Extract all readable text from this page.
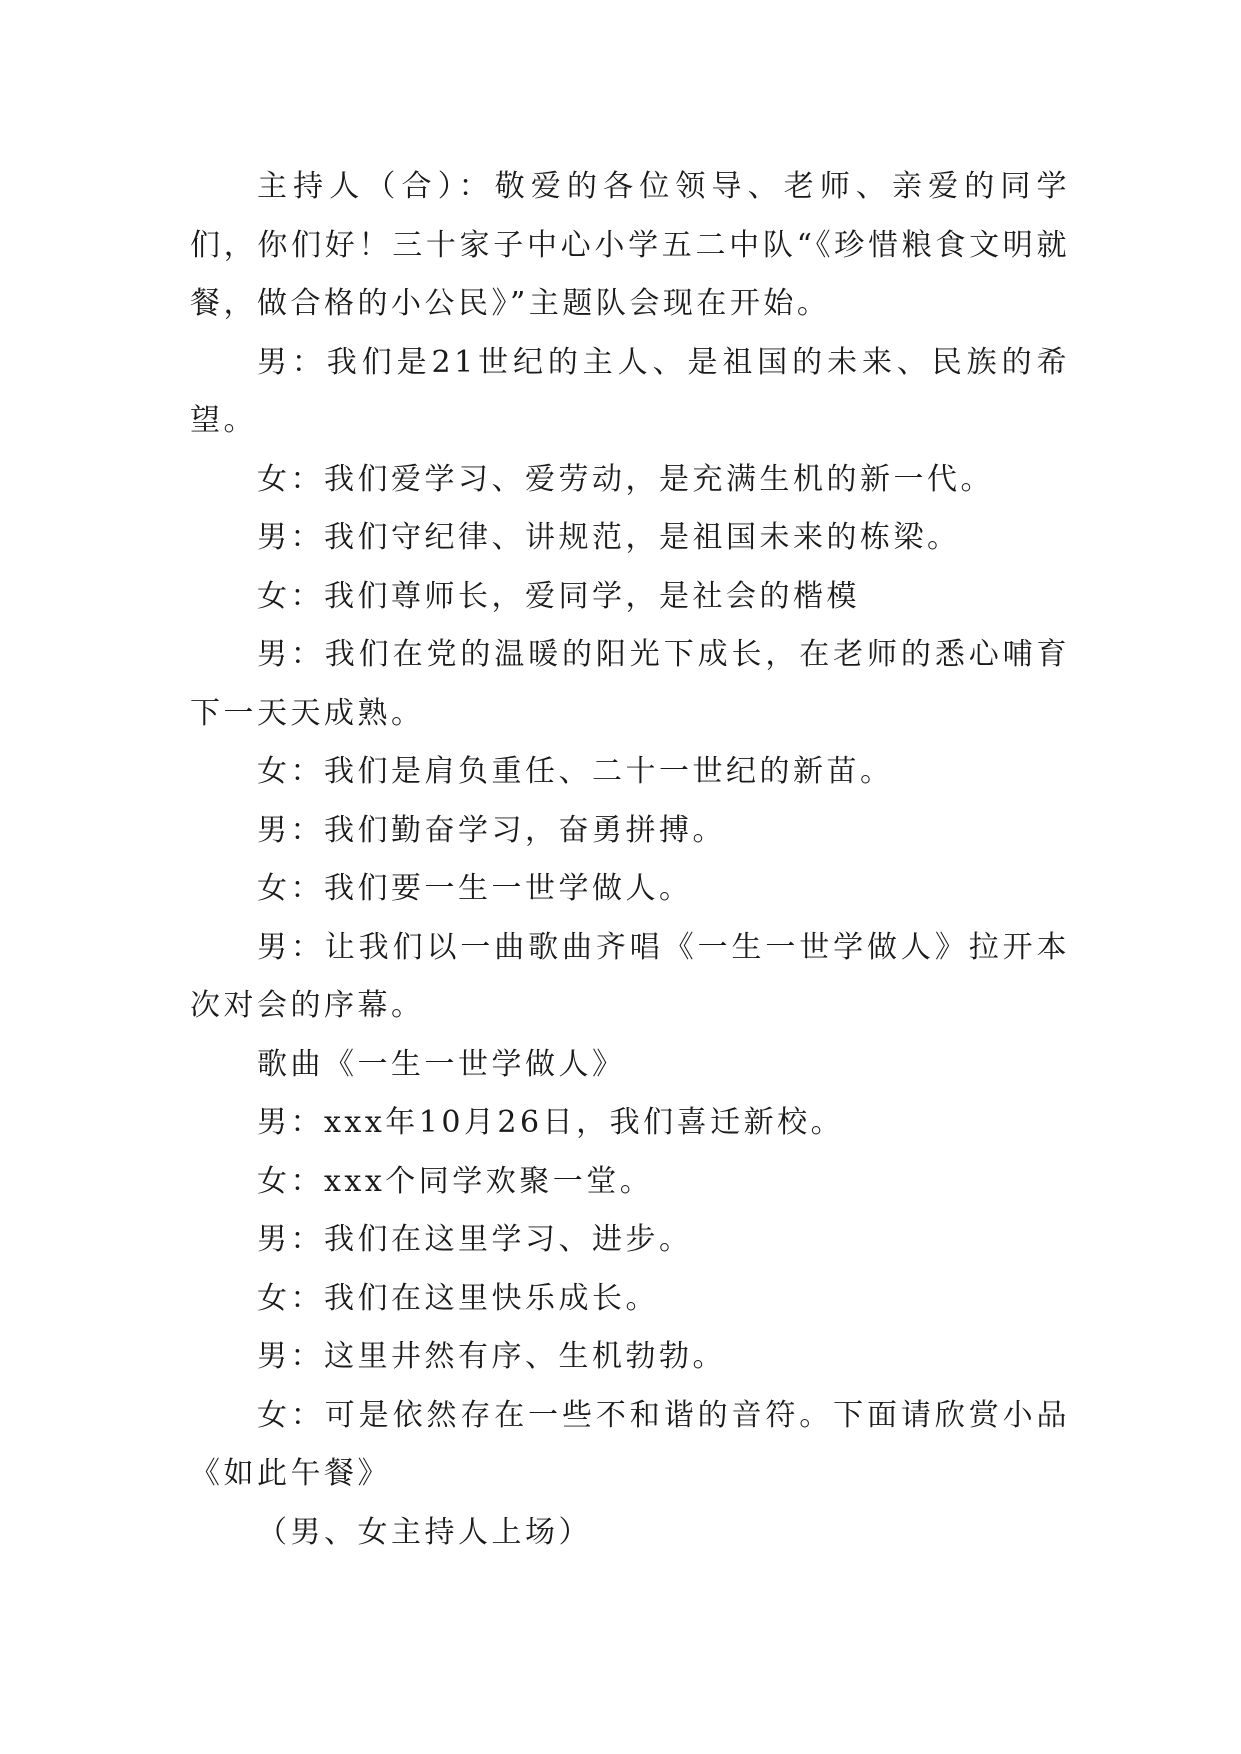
主持人（合）：敬爱的各位领导、老师、亲爱的同学们，你们好！三十家子中心小学五二中队“《珍惜粮食文明就餐，做合格的小公民》”主题队会现在开始。

男：我们是21世纪的主人、是祖国的未来、民族的希望。

女：我们爱学习、爱劳动，是充满生机的新一代。

男：我们守纪律、讲规范，是祖国未来的栋梁。

女：我们尊师长，爱同学，是社会的楷模

男：我们在党的温暖的阳光下成长，在老师的悉心哺育下一天天成熟。

女：我们是肩负重任、二十一世纪的新苗。

男：我们勤奋学习，奋勇拼搏。

女：我们要一生一世学做人。

男：让我们以一曲歌曲齐唱《一生一世学做人》拉开本次对会的序幕。

歌曲《一生一世学做人》

男：xxx年10月26日，我们喜迁新校。

女：xxx个同学欢聚一堂。

男：我们在这里学习、进步。

女：我们在这里快乐成长。

男：这里井然有序、生机勃勃。

女：可是依然存在一些不和谐的音符。下面请欣赏小品《如此午餐》

（男、女主持人上场）
